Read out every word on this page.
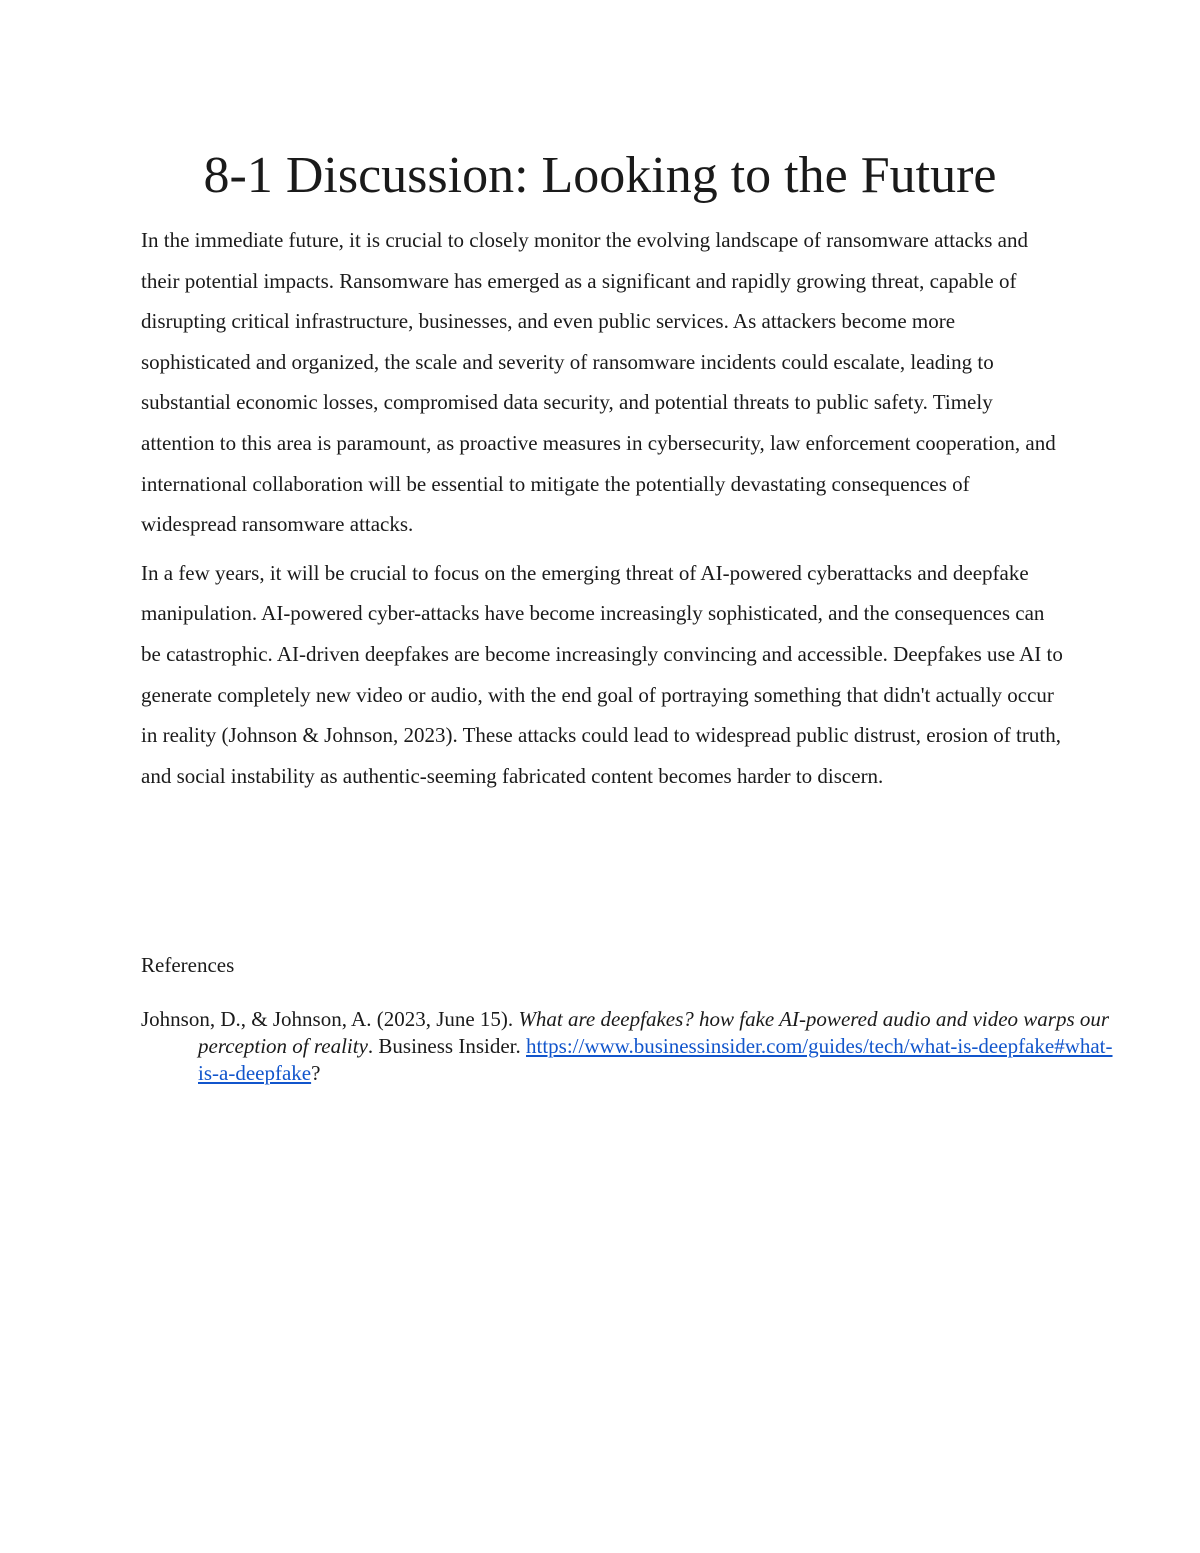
8-1 Discussion: Looking to the Future

In the immediate future, it is crucial to closely monitor the evolving landscape of ransomware attacks and their potential impacts. Ransomware has emerged as a significant and rapidly growing threat, capable of disrupting critical infrastructure, businesses, and even public services. As attackers become more sophisticated and organized, the scale and severity of ransomware incidents could escalate, leading to substantial economic losses, compromised data security, and potential threats to public safety. Timely attention to this area is paramount, as proactive measures in cybersecurity, law enforcement cooperation, and international collaboration will be essential to mitigate the potentially devastating consequences of widespread ransomware attacks.

In a few years, it will be crucial to focus on the emerging threat of AI-powered cyberattacks and deepfake manipulation. AI-powered cyber-attacks have become increasingly sophisticated, and the consequences can be catastrophic. AI-driven deepfakes are become increasingly convincing and accessible. Deepfakes use AI to generate completely new video or audio, with the end goal of portraying something that didn't actually occur in reality (Johnson & Johnson, 2023). These attacks could lead to widespread public distrust, erosion of truth, and social instability as authentic-seeming fabricated content becomes harder to discern.

References

Johnson, D., & Johnson, A. (2023, June 15). What are deepfakes? how fake AI-powered audio and video warps our perception of reality. Business Insider. https://www.businessinsider.com/guides/tech/what-is-deepfake#what-is-a-deepfake?
